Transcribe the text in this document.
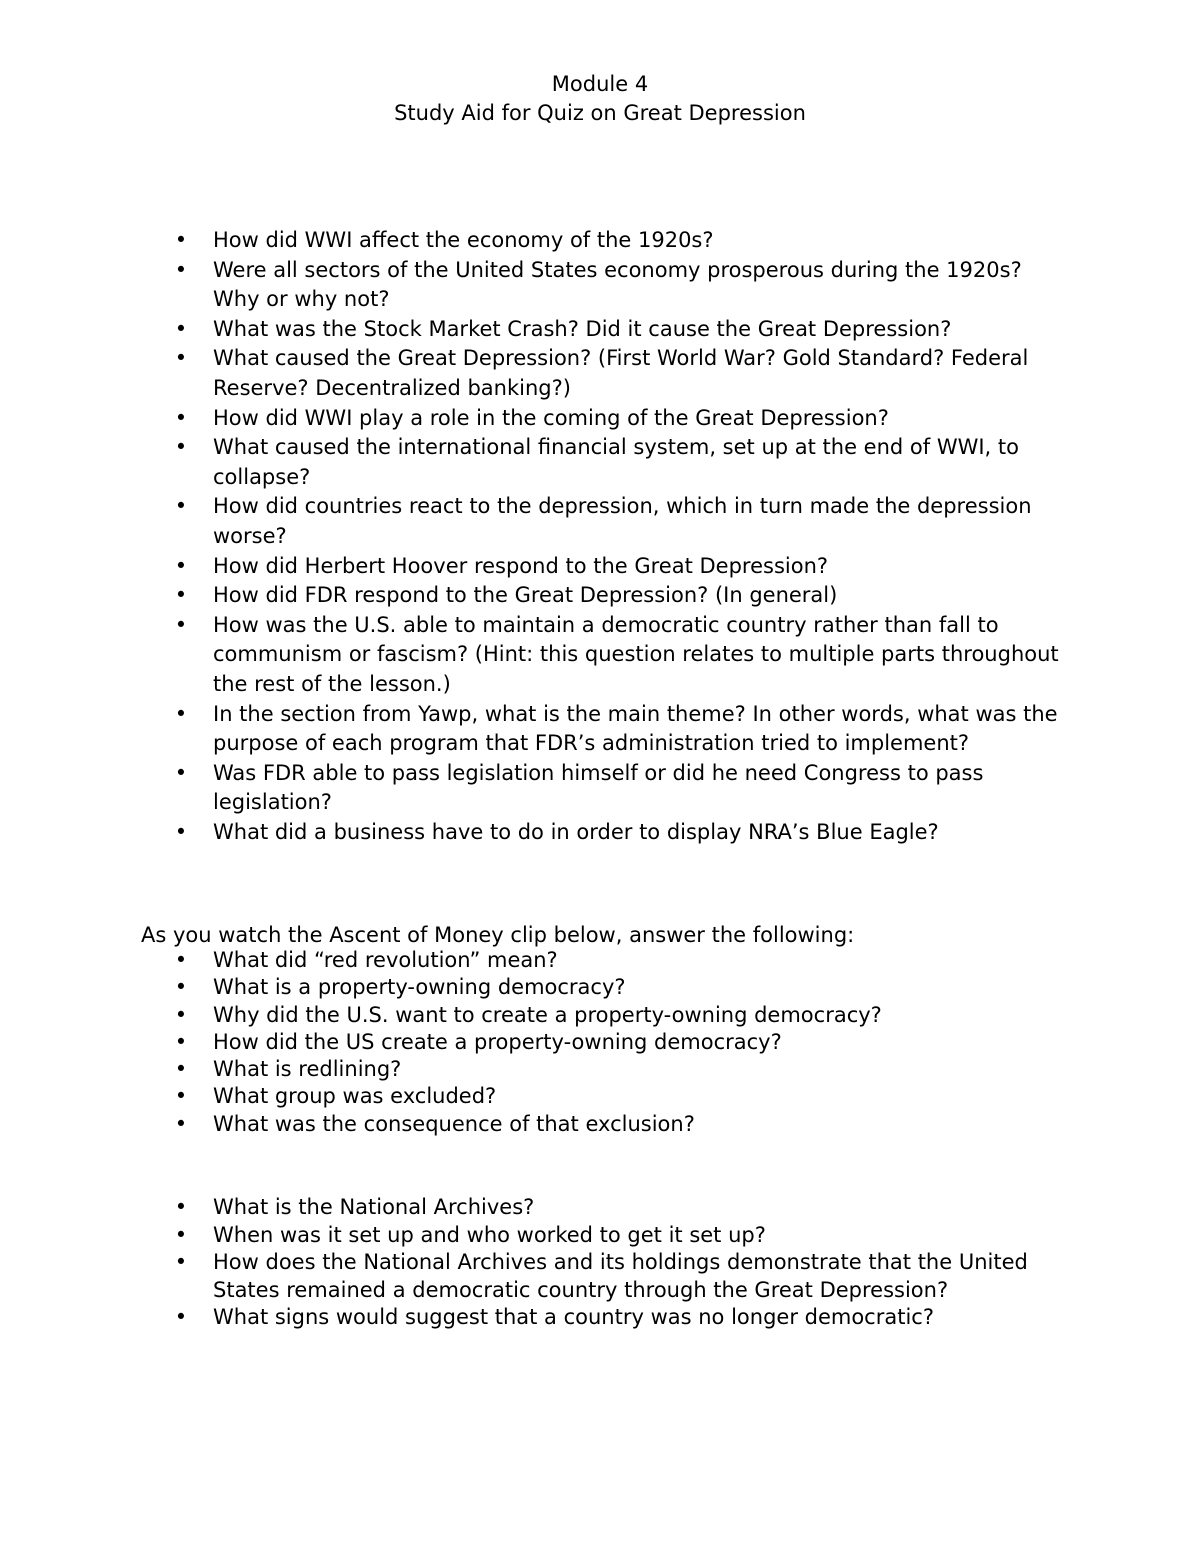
Module 4
Study Aid for Quiz on Great Depression
• How did WWI affect the economy of the 1920s?
• Were all sectors of the United States economy prosperous during the 1920s? Why or why not?
• What was the Stock Market Crash? Did it cause the Great Depression?
• What caused the Great Depression? (First World War? Gold Standard? Federal Reserve? Decentralized banking?)
• How did WWI play a role in the coming of the Great Depression?
• What caused the international financial system, set up at the end of WWI, to collapse?
• How did countries react to the depression, which in turn made the depression worse?
• How did Herbert Hoover respond to the Great Depression?
• How did FDR respond to the Great Depression? (In general)
• How was the U.S. able to maintain a democratic country rather than fall to communism or fascism? (Hint: this question relates to multiple parts throughout the rest of the lesson.)
• In the section from Yawp, what is the main theme? In other words, what was the purpose of each program that FDR’s administration tried to implement?
• Was FDR able to pass legislation himself or did he need Congress to pass legislation?
• What did a business have to do in order to display NRA’s Blue Eagle?
As you watch the Ascent of Money clip below, answer the following:
• What did “red revolution” mean?
• What is a property-owning democracy?
• Why did the U.S. want to create a property-owning democracy?
• How did the US create a property-owning democracy?
• What is redlining?
• What group was excluded?
• What was the consequence of that exclusion?
• What is the National Archives?
• When was it set up and who worked to get it set up?
• How does the National Archives and its holdings demonstrate that the United States remained a democratic country through the Great Depression?
• What signs would suggest that a country was no longer democratic?
